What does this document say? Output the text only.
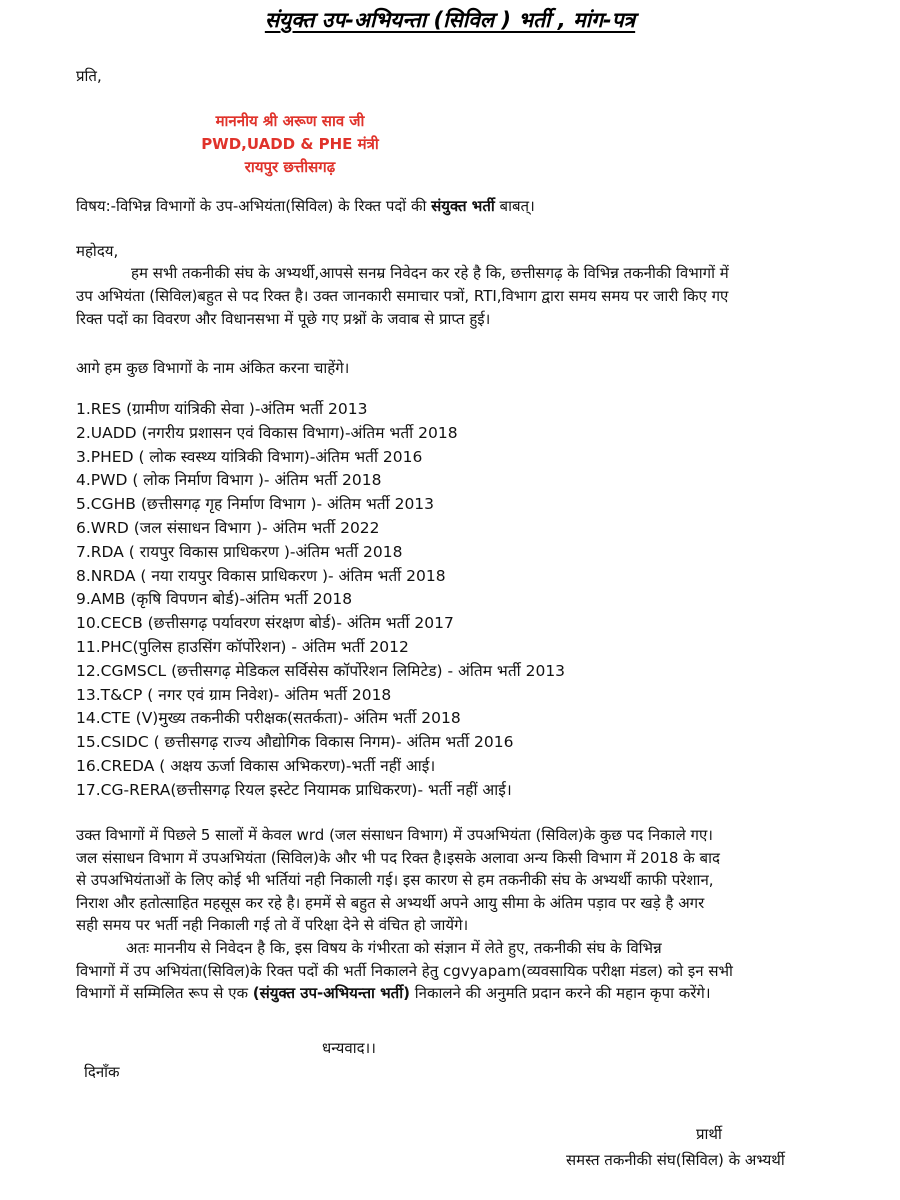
संयुक्त उप-अभियन्ता (सिविल ) भर्ती , मांग-पत्र
प्रति,
माननीय श्री अरूण साव जी
PWD,UADD & PHE मंत्री
रायपुर छत्तीसगढ़
विषय:-विभिन्न विभागों के उप-अभियंता(सिविल) के रिक्त पदों की संयुक्त भर्ती बाबत्।
महोदय,
हम सभी तकनीकी संघ के अभ्यर्थी,आपसे सनम्र निवेदन कर रहे है कि, छत्तीसगढ़ के विभिन्न तकनीकी विभागों में
उप अभियंता (सिविल)बहुत से पद रिक्त है। उक्त जानकारी समाचार पत्रों, RTI,विभाग द्वारा समय समय पर जारी किए गए
रिक्त पदों का विवरण और विधानसभा में पूछे गए प्रश्नों के जवाब से प्राप्त हुई।
आगे हम कुछ विभागों के नाम अंकित करना चाहेंगे।
1.RES (ग्रामीण यांत्रिकी सेवा )-अंतिम भर्ती 2013
2.UADD (नगरीय प्रशासन एवं विकास विभाग)-अंतिम भर्ती 2018
3.PHED ( लोक स्वस्थ्य यांत्रिकी विभाग)-अंतिम भर्ती 2016
4.PWD ( लोक निर्माण विभाग )- अंतिम भर्ती 2018
5.CGHB (छत्तीसगढ़ गृह निर्माण विभाग )- अंतिम भर्ती 2013
6.WRD (जल संसाधन विभाग )- अंतिम भर्ती 2022
7.RDA ( रायपुर विकास प्राधिकरण )-अंतिम भर्ती 2018
8.NRDA ( नया रायपुर विकास प्राधिकरण )- अंतिम भर्ती 2018
9.AMB (कृषि विपणन बोर्ड)-अंतिम भर्ती 2018
10.CECB (छत्तीसगढ़ पर्यावरण संरक्षण बोर्ड)- अंतिम भर्ती 2017
11.PHC(पुलिस हाउसिंग कॉर्पोरेशन) - अंतिम भर्ती 2012
12.CGMSCL (छत्तीसगढ़ मेडिकल सर्विसेस कॉर्पोरेशन लिमिटेड) - अंतिम भर्ती 2013
13.T&CP ( नगर एवं ग्राम निवेश)- अंतिम भर्ती 2018
14.CTE (V)मुख्य तकनीकी परीक्षक(सतर्कता)- अंतिम भर्ती 2018
15.CSIDC ( छत्तीसगढ़ राज्य औद्योगिक विकास निगम)- अंतिम भर्ती 2016
16.CREDA ( अक्षय ऊर्जा विकास अभिकरण)-भर्ती नहीं आई।
17.CG-RERA(छत्तीसगढ़ रियल इस्टेट नियामक प्राधिकरण)- भर्ती नहीं आई।
उक्त विभागों में पिछले 5 सालों में केवल wrd (जल संसाधन विभाग) में उपअभियंता (सिविल)के कुछ पद निकाले गए।
जल संसाधन विभाग में उपअभियंता (सिविल)के और भी पद रिक्त है।इसके अलावा अन्य किसी विभाग में 2018 के बाद
से उपअभियंताओं के लिए कोई भी भर्तियां नही निकाली गई। इस कारण से हम तकनीकी संघ के अभ्यर्थी काफी परेशान,
निराश और हतोत्साहित महसूस कर रहे है। हममें से बहुत से अभ्यर्थी अपने आयु सीमा के अंतिम पड़ाव पर खड़े है अगर
सही समय पर भर्ती नही निकाली गई तो वें परिक्षा देने से वंचित हो जायेंगे।
अतः माननीय से निवेदन है कि, इस विषय के गंभीरता को संज्ञान में लेते हुए, तकनीकी संघ के विभिन्न
विभागों में उप अभियंता(सिविल)के रिक्त पदों की भर्ती निकालने हेतु cgvyapam(व्यवसायिक परीक्षा मंडल) को इन सभी
विभागों में सम्मिलित रूप से एक (संयुक्त उप-अभियन्ता भर्ती) निकालने की अनुमति प्रदान करने की महान कृपा करेंगे।
धन्यवाद।।
दिनाँक
प्रार्थी
समस्त तकनीकी संघ(सिविल) के अभ्यर्थी
